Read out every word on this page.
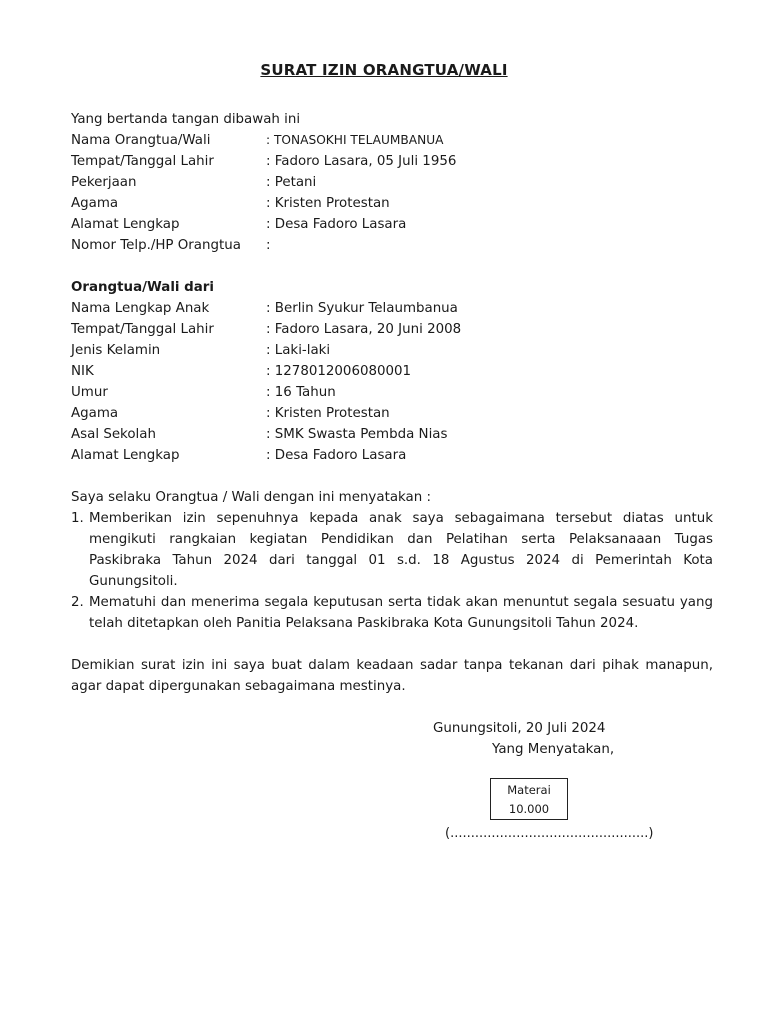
SURAT IZIN ORANGTUA/WALI
Yang bertanda tangan dibawah ini
Nama Orangtua/Wali	: TONASOKHI TELAUMBANUA
Tempat/Tanggal Lahir	: Fadoro Lasara, 05 Juli 1956
Pekerjaan	: Petani
Agama	: Kristen Protestan
Alamat Lengkap	: Desa Fadoro Lasara
Nomor Telp./HP Orangtua :
Orangtua/Wali dari
Nama Lengkap Anak	: Berlin Syukur Telaumbanua
Tempat/Tanggal Lahir	: Fadoro Lasara, 20 Juni 2008
Jenis Kelamin	: Laki-laki
NIK	: 1278012006080001
Umur	: 16 Tahun
Agama	: Kristen Protestan
Asal Sekolah	: SMK Swasta Pembda Nias
Alamat Lengkap	: Desa Fadoro Lasara
Saya selaku Orangtua / Wali dengan ini menyatakan :
1. Memberikan izin sepenuhnya kepada anak saya sebagaimana tersebut diatas untuk mengikuti rangkaian kegiatan Pendidikan dan Pelatihan serta Pelaksanaaan Tugas Paskibraka Tahun 2024 dari tanggal 01 s.d. 18 Agustus 2024 di Pemerintah Kota Gunungsitoli.
2. Mematuhi dan menerima segala keputusan serta tidak akan menuntut segala sesuatu yang telah ditetapkan oleh Panitia Pelaksana Paskibraka Kota Gunungsitoli Tahun 2024.
Demikian surat izin ini saya buat dalam keadaan sadar tanpa tekanan dari pihak manapun, agar dapat dipergunakan sebagaimana mestinya.
Gunungsitoli, 20 Juli 2024
Yang Menyatakan,
Materai
10.000
(................................................)
